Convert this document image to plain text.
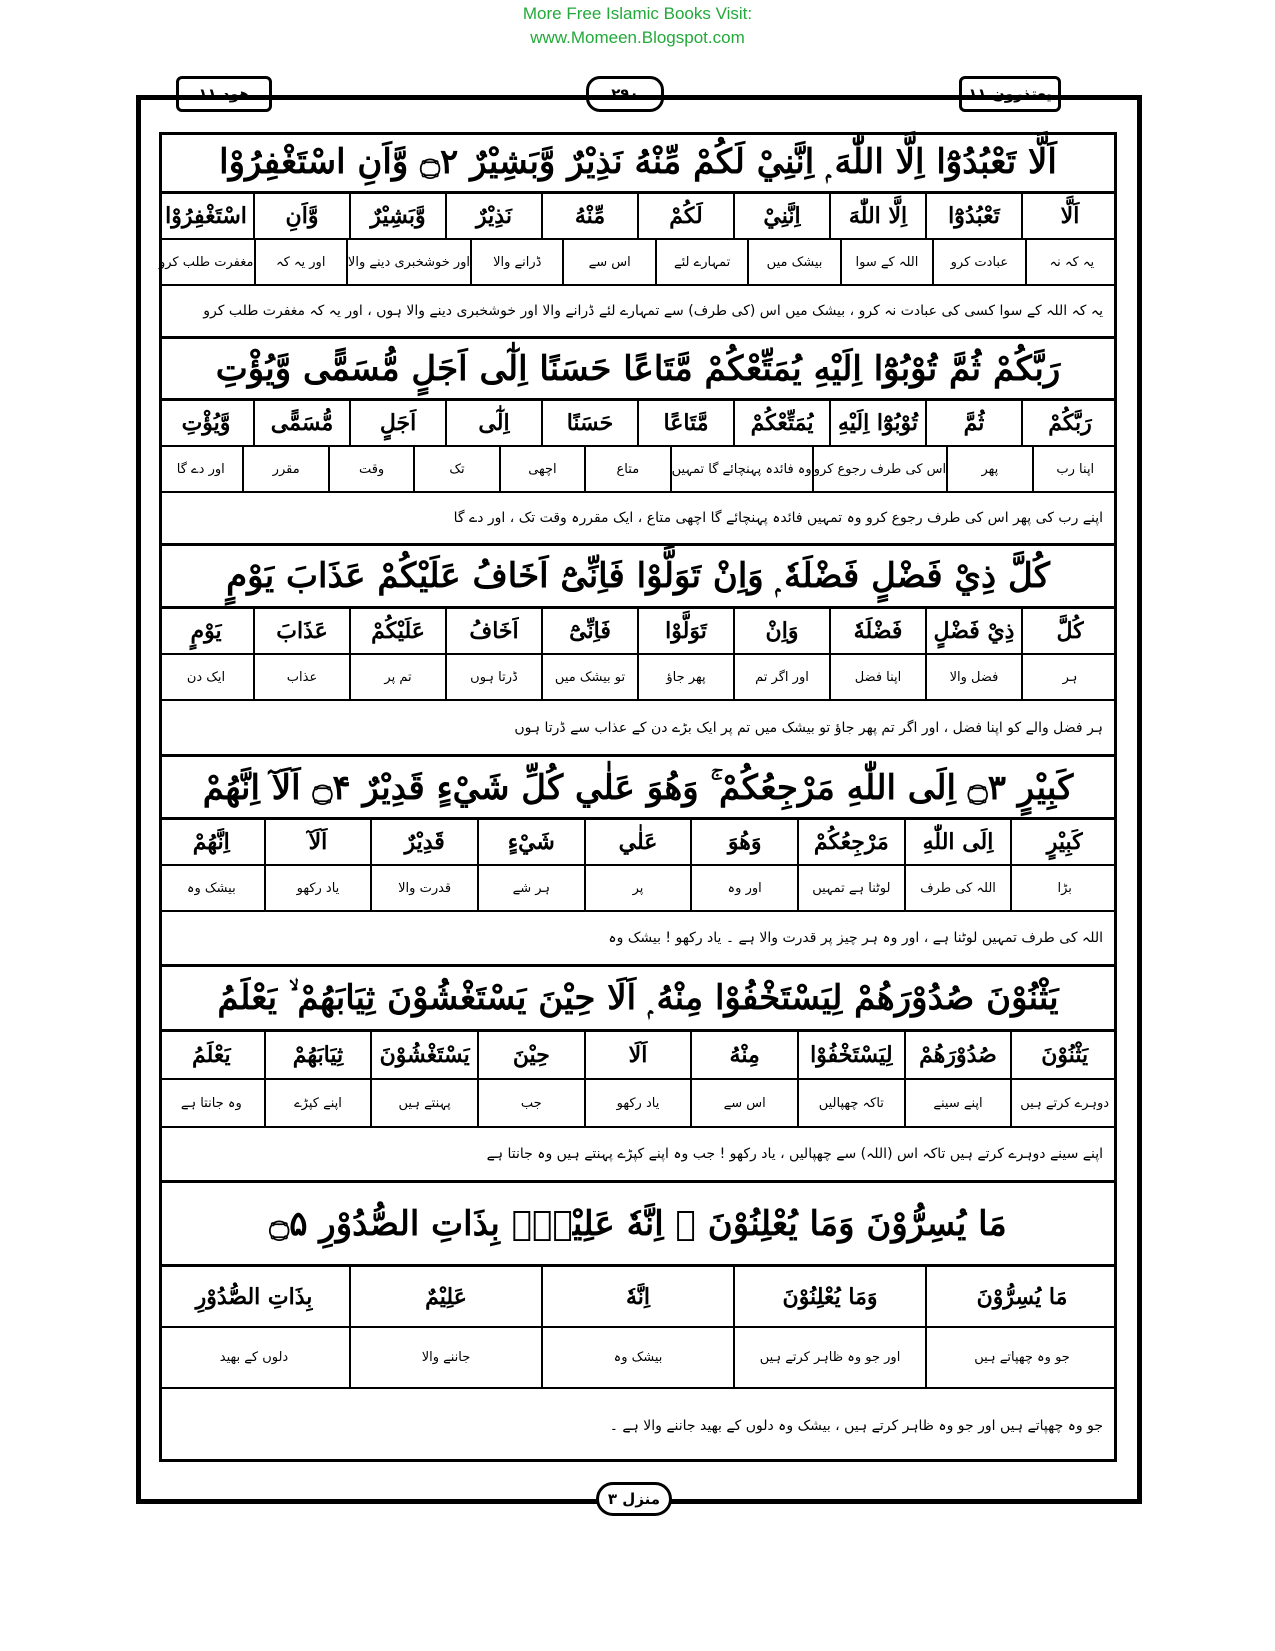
More Free Islamic Books Visit:
www.Momeen.Blogspot.com
ھود ۱۱	۲۹۰	یعتذرون ۱۱
اَلَّا تَعْبُدُوْٓا اِلَّا اللّٰهَ ۭ اِنَّنِيْ لَكُمْ مِّنْهُ نَذِيْرٌ وَّبَشِيْرٌ ۝۲ وَّاَنِ اسْتَغْفِرُوْا
اَلَّا
تَعْبُدُوْٓا
اِلَّا اللّٰهَ
اِنَّنِيْ
لَكُمْ
مِّنْهُ
نَذِيْرٌ
وَّبَشِيْرٌ
وَّاَنِ
اسْتَغْفِرُوْا
یہ کہ نہ
عبادت کرو
اللہ کے سوا
بیشک میں
تمہارے لئے
اس سے
ڈرانے والا
اور خوشخبری دینے والا
اور یہ کہ
مغفرت طلب کرو
یہ کہ اللہ کے سوا کسی کی عبادت نہ کرو ، بیشک میں اس (کی طرف) سے تمہارے لئے ڈرانے والا اور خوشخبری دینے والا ہوں ، اور یہ کہ مغفرت طلب کرو
رَبَّكُمْ ثُمَّ تُوْبُوْٓا اِلَيْهِ يُمَتِّعْكُمْ مَّتَاعًا حَسَنًا اِلٰٓى اَجَلٍ مُّسَمًّى وَّيُؤْتِ
رَبَّكُمْ
ثُمَّ
تُوْبُوْٓا اِلَيْهِ
يُمَتِّعْكُمْ
مَّتَاعًا
حَسَنًا
اِلٰٓى
اَجَلٍ
مُّسَمًّى
وَّيُؤْتِ
اپنا رب
پھر
اس کی طرف رجوع کرو
وہ فائدہ پہنچائے گا تمہیں
متاع
اچھی
تک
وقت
مقرر
اور دے گا
اپنے رب کی پھر اس کی طرف رجوع کرو وہ تمہیں فائدہ پہنچائے گا اچھی متاع ، ایک مقررہ وقت تک ، اور دے گا
كُلَّ ذِيْ فَضْلٍ فَضْلَهٗ ۭ وَاِنْ تَوَلَّوْا فَاِنِّىْٓ اَخَافُ عَلَيْكُمْ عَذَابَ يَوْمٍ
كُلَّ
ذِيْ فَضْلٍ
فَضْلَهٗ
وَاِنْ
تَوَلَّوْا
فَاِنِّىْٓ
اَخَافُ
عَلَيْكُمْ
عَذَابَ
يَوْمٍ
ہر
فضل والا
اپنا فضل
اور اگر تم
پھر جاؤ
تو بیشک میں
ڈرتا ہوں
تم پر
عذاب
ایک دن
ہر فضل والے کو اپنا فضل ، اور اگر تم پھر جاؤ تو بیشک میں تم پر ایک بڑے دن کے عذاب سے ڈرتا ہوں
كَبِيْرٍ ۝۳ اِلَى اللّٰهِ مَرْجِعُكُمْ ۚ وَهُوَ عَلٰي كُلِّ شَيْءٍ قَدِيْرٌ ۝۴ اَلَآ اِنَّهُمْ
كَبِيْرٍ
اِلَى اللّٰهِ
مَرْجِعُكُمْ
وَهُوَ
عَلٰي
شَيْءٍ
قَدِيْرٌ
اَلَآ
اِنَّهُمْ
بڑا
اللہ کی طرف
لوٹنا ہے تمہیں
اور وہ
پر
ہر شے
قدرت والا
یاد رکھو
بیشک وہ
اللہ کی طرف تمہیں لوٹنا ہے ، اور وہ ہر چیز پر قدرت والا ہے ۔ یاد رکھو ! بیشک وہ
يَثْنُوْنَ صُدُوْرَهُمْ لِيَسْتَخْفُوْا مِنْهُ ۭ اَلَا حِيْنَ يَسْتَغْشُوْنَ ثِيَابَهُمْ ۙ يَعْلَمُ
يَثْنُوْنَ
صُدُوْرَهُمْ
لِيَسْتَخْفُوْا
مِنْهُ
اَلَا
حِيْنَ
يَسْتَغْشُوْنَ
ثِيَابَهُمْ
يَعْلَمُ
دوہرے کرتے ہیں
اپنے سینے
تاکہ چھپالیں
اس سے
یاد رکھو
جب
پہنتے ہیں
اپنے کپڑے
وہ جانتا ہے
اپنے سینے دوہرے کرتے ہیں تاکہ اس (اللہ) سے چھپالیں ، یاد رکھو ! جب وہ اپنے کپڑے پہنتے ہیں وہ جانتا ہے
مَا يُسِرُّوْنَ وَمَا يُعْلِنُوْنَ ۚ اِنَّهٗ عَلِيْمٌۢ بِذَاتِ الصُّدُوْرِ ۝۵
مَا يُسِرُّوْنَ
وَمَا يُعْلِنُوْنَ
اِنَّهٗ
عَلِيْمٌ
بِذَاتِ الصُّدُوْرِ
جو وہ چھپاتے ہیں
اور جو وہ ظاہر کرتے ہیں
بیشک وہ
جاننے والا
دلوں کے بھید
جو وہ چھپاتے ہیں اور جو وہ ظاہر کرتے ہیں ، بیشک وہ دلوں کے بھید جاننے والا ہے ۔
منزل ۳
